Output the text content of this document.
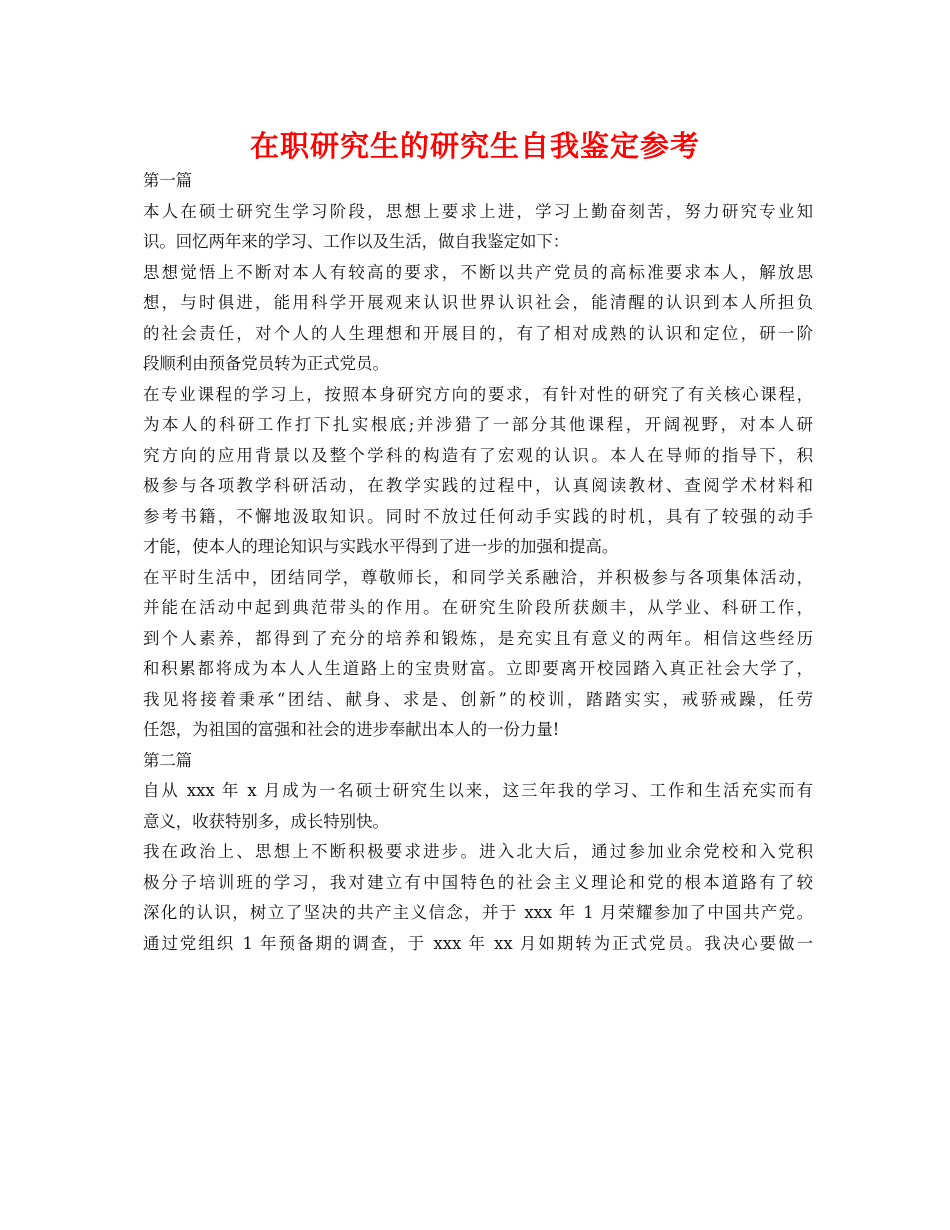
在职研究生的研究生自我鉴定参考
第一篇
本人在硕士研究生学习阶段，思想上要求上进，学习上勤奋刻苦，努力研究专业知
识。回忆两年来的学习、工作以及生活，做自我鉴定如下：
思想觉悟上不断对本人有较高的要求，不断以共产党员的高标准要求本人，解放思
想，与时俱进，能用科学开展观来认识世界认识社会，能清醒的认识到本人所担负
的社会责任，对个人的人生理想和开展目的，有了相对成熟的认识和定位，研一阶
段顺利由预备党员转为正式党员。
在专业课程的学习上，按照本身研究方向的要求，有针对性的研究了有关核心课程，
为本人的科研工作打下扎实根底;并涉猎了一部分其他课程，开阔视野，对本人研
究方向的应用背景以及整个学科的构造有了宏观的认识。本人在导师的指导下，积
极参与各项教学科研活动，在教学实践的过程中，认真阅读教材、查阅学术材料和
参考书籍，不懈地汲取知识。同时不放过任何动手实践的时机，具有了较强的动手
才能，使本人的理论知识与实践水平得到了进一步的加强和提高。
在平时生活中，团结同学，尊敬师长，和同学关系融洽，并积极参与各项集体活动，
并能在活动中起到典范带头的作用。在研究生阶段所获颇丰，从学业、科研工作，
到个人素养，都得到了充分的培养和锻炼，是充实且有意义的两年。相信这些经历
和积累都将成为本人人生道路上的宝贵财富。立即要离开校园踏入真正社会大学了，
我见将接着秉承“团结、献身、求是、创新”的校训，踏踏实实，戒骄戒躁，任劳
任怨，为祖国的富强和社会的进步奉献出本人的一份力量!
第二篇
自从 xxx 年 x 月成为一名硕士研究生以来，这三年我的学习、工作和生活充实而有
意义，收获特别多，成长特别快。
我在政治上、思想上不断积极要求进步。进入北大后，通过参加业余党校和入党积
极分子培训班的学习，我对建立有中国特色的社会主义理论和党的根本道路有了较
深化的认识，树立了坚决的共产主义信念，并于 xxx 年 1 月荣耀参加了中国共产党。
通过党组织 1 年预备期的调查，于 xxx 年 xx 月如期转为正式党员。我决心要做一
